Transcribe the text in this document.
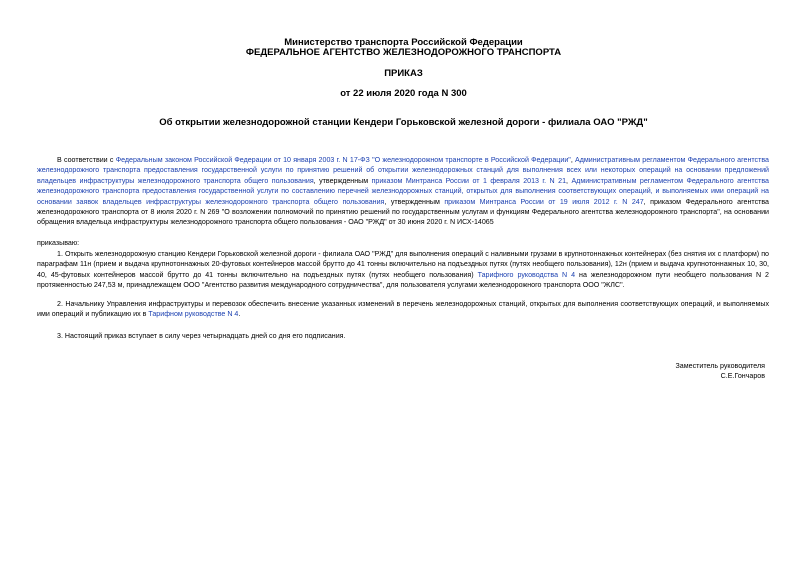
Министерство транспорта Российской Федерации
ФЕДЕРАЛЬНОЕ АГЕНТСТВО ЖЕЛЕЗНОДОРОЖНОГО ТРАНСПОРТА
ПРИКАЗ
от 22 июля 2020 года N 300
Об открытии железнодорожной станции Кендери Горьковской железной дороги - филиала ОАО "РЖД"
В соответствии с Федеральным законом Российской Федерации от 10 января 2003 г. N 17-ФЗ "О железнодорожном транспорте в Российской Федерации", Административным регламентом Федерального агентства железнодорожного транспорта предоставления государственной услуги по принятию решений об открытии железнодорожных станций для выполнения всех или некоторых операций на основании предложений владельцев инфраструктуры железнодорожного транспорта общего пользования, утвержденным приказом Минтранса России от 1 февраля 2013 г. N 21, Административным регламентом Федерального агентства железнодорожного транспорта предоставления государственной услуги по составлению перечней железнодорожных станций, открытых для выполнения соответствующих операций, и выполняемых ими операций на основании заявок владельцев инфраструктуры железнодорожного транспорта общего пользования, утвержденным приказом Минтранса России от 19 июля 2012 г. N 247, приказом Федерального агентства железнодорожного транспорта от 8 июля 2020 г. N 269 "О возложении полномочий по принятию решений по государственным услугам и функциям Федерального агентства железнодорожного транспорта", на основании обращения владельца инфраструктуры железнодорожного транспорта общего пользования - ОАО "РЖД" от 30 июня 2020 г. N ИСХ-14065
приказываю:
1. Открыть железнодорожную станцию Кендери Горьковской железной дороги - филиала ОАО "РЖД" для выполнения операций с наливными грузами в крупнотоннажных контейнерах (без снятия их с платформ) по параграфам 11н (прием и выдача крупнотоннажных 20-футовых контейнеров массой брутто до 41 тонны включительно на подъездных путях (путях необщего пользования), 12н (прием и выдача крупнотоннажных 10, 30, 40, 45-футовых контейнеров массой брутто до 41 тонны включительно на подъездных путях (путях необщего пользования) Тарифного руководства N 4 на железнодорожном пути необщего пользования N 2 протяженностью 247,53 м, принадлежащем ООО "Агентство развития международного сотрудничества", для пользователя услугами железнодорожного транспорта ООО "ЖЛС".
2. Начальнику Управления инфраструктуры и перевозок обеспечить внесение указанных изменений в перечень железнодорожных станций, открытых для выполнения соответствующих операций, и выполняемых ими операций и публикацию их в Тарифном руководстве N 4.
3. Настоящий приказ вступает в силу через четырнадцать дней со дня его подписания.
Заместитель руководителя
С.Е.Гончаров
